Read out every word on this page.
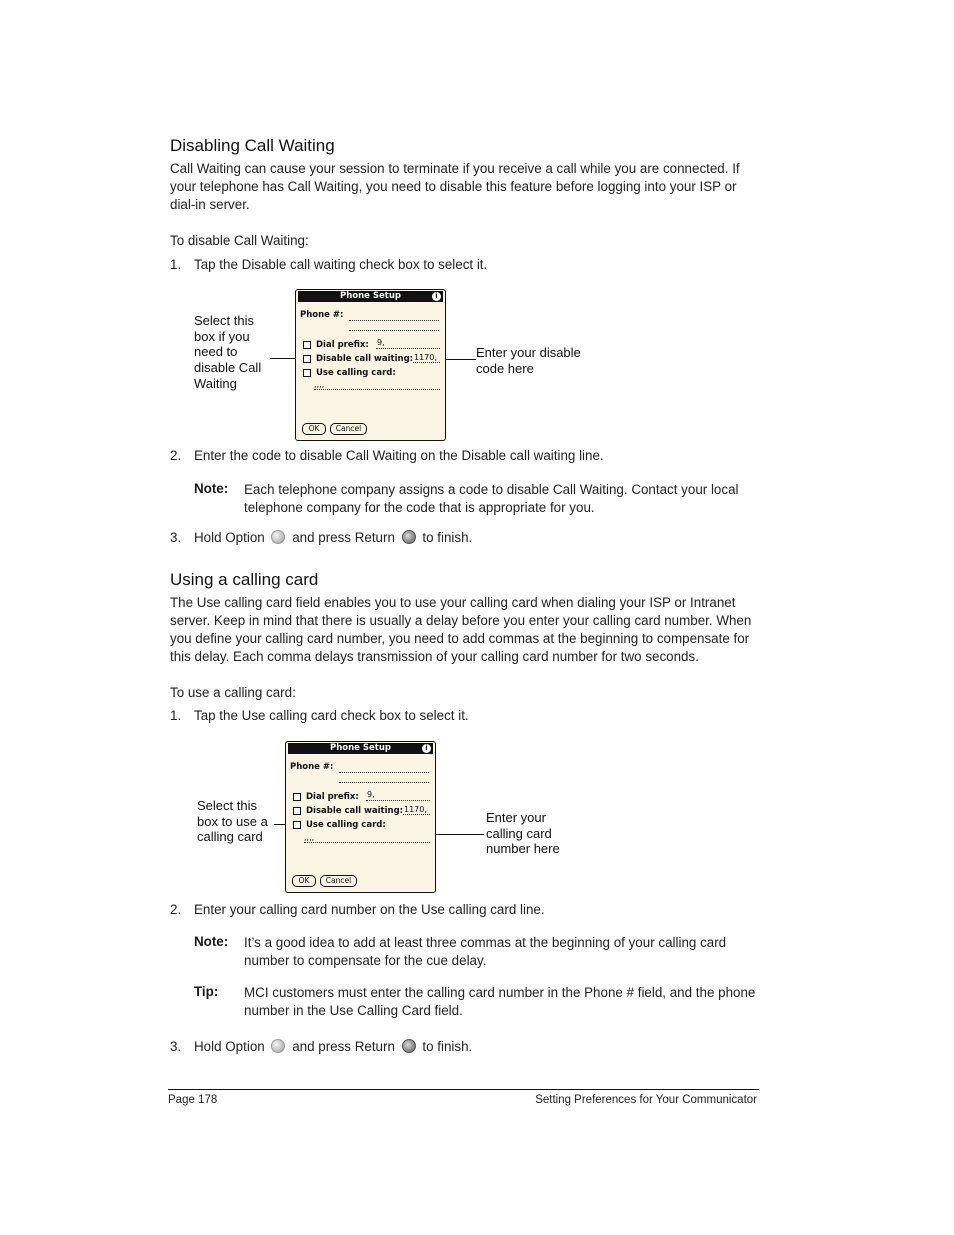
Disabling Call Waiting
Call Waiting can cause your session to terminate if you receive a call while you are connected. If your telephone has Call Waiting, you need to disable this feature before logging into your ISP or dial-in server.
To disable Call Waiting:
1. Tap the Disable call waiting check box to select it.
Select this box if you need to disable Call Waiting
Enter your disable code here
Phone Setup	i
Phone #:
Dial prefix: 9,
Disable call waiting: 1170,
Use calling card:
,,,,
OK	Cancel
2. Enter the code to disable Call Waiting on the Disable call waiting line.
Note: Each telephone company assigns a code to disable Call Waiting. Contact your local telephone company for the code that is appropriate for you.
3. Hold Option and press Return to finish.
Using a calling card
The Use calling card field enables you to use your calling card when dialing your ISP or Intranet server. Keep in mind that there is usually a delay before you enter your calling card number. When you define your calling card number, you need to add commas at the beginning to compensate for this delay. Each comma delays transmission of your calling card number for two seconds.
To use a calling card:
1. Tap the Use calling card check box to select it.
Select this box to use a calling card
Enter your calling card number here
Phone Setup	i
Phone #:
Dial prefix: 9,
Disable call waiting: 1170,
Use calling card:
,,,,
OK	Cancel
2. Enter your calling card number on the Use calling card line.
Note: It’s a good idea to add at least three commas at the beginning of your calling card number to compensate for the cue delay.
Tip: MCI customers must enter the calling card number in the Phone # field, and the phone number in the Use Calling Card field.
3. Hold Option and press Return to finish.
Page 178	Setting Preferences for Your Communicator
